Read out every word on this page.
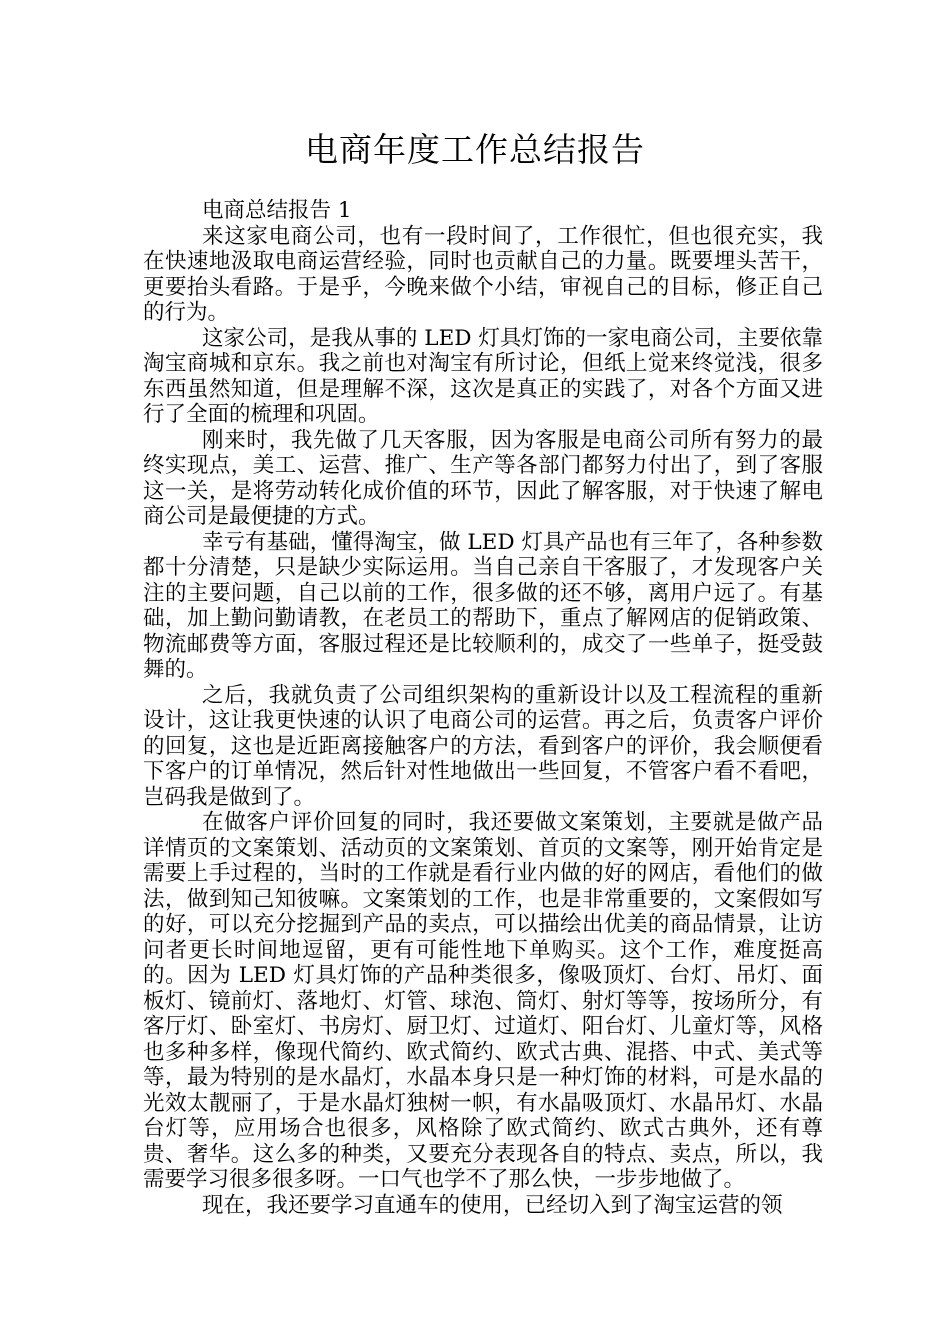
电商年度工作总结报告

电商总结报告 1

来这家电商公司，也有一段时间了，工作很忙，但也很充实，我在快速地汲取电商运营经验，同时也贡献自己的力量。既要埋头苦干，更要抬头看路。于是乎，今晚来做个小结，审视自己的目标，修正自己的行为。

这家公司，是我从事的 LED 灯具灯饰的一家电商公司，主要依靠淘宝商城和京东。我之前也对淘宝有所讨论，但纸上觉来终觉浅，很多东西虽然知道，但是理解不深，这次是真正的实践了，对各个方面又进行了全面的梳理和巩固。

刚来时，我先做了几天客服，因为客服是电商公司所有努力的最终实现点，美工、运营、推广、生产等各部门都努力付出了，到了客服这一关，是将劳动转化成价值的环节，因此了解客服，对于快速了解电商公司是最便捷的方式。

幸亏有基础，懂得淘宝，做 LED 灯具产品也有三年了，各种参数都十分清楚，只是缺少实际运用。当自己亲自干客服了，才发现客户关注的主要问题，自己以前的工作，很多做的还不够，离用户远了。有基础，加上勤问勤请教，在老员工的帮助下，重点了解网店的促销政策、物流邮费等方面，客服过程还是比较顺利的，成交了一些单子，挺受鼓舞的。

之后，我就负责了公司组织架构的重新设计以及工程流程的重新设计，这让我更快速的认识了电商公司的运营。再之后，负责客户评价的回复，这也是近距离接触客户的方法，看到客户的评价，我会顺便看下客户的订单情况，然后针对性地做出一些回复，不管客户看不看吧，岂码我是做到了。

在做客户评价回复的同时，我还要做文案策划，主要就是做产品详情页的文案策划、活动页的文案策划、首页的文案等，刚开始肯定是需要上手过程的，当时的工作就是看行业内做的好的网店，看他们的做法，做到知己知彼嘛。文案策划的工作，也是非常重要的，文案假如写的好，可以充分挖掘到产品的卖点，可以描绘出优美的商品情景，让访问者更长时间地逗留，更有可能性地下单购买。这个工作，难度挺高的。因为 LED 灯具灯饰的产品种类很多，像吸顶灯、台灯、吊灯、面板灯、镜前灯、落地灯、灯管、球泡、筒灯、射灯等等，按场所分，有客厅灯、卧室灯、书房灯、厨卫灯、过道灯、阳台灯、儿童灯等，风格也多种多样，像现代简约、欧式简约、欧式古典、混搭、中式、美式等等，最为特别的是水晶灯，水晶本身只是一种灯饰的材料，可是水晶的光效太靓丽了，于是水晶灯独树一帜，有水晶吸顶灯、水晶吊灯、水晶台灯等，应用场合也很多，风格除了欧式简约、欧式古典外，还有尊贵、奢华。这么多的种类，又要充分表现各自的特点、卖点，所以，我需要学习很多很多呀。一口气也学不了那么快，一步步地做了。

现在，我还要学习直通车的使用，已经切入到了淘宝运营的领
